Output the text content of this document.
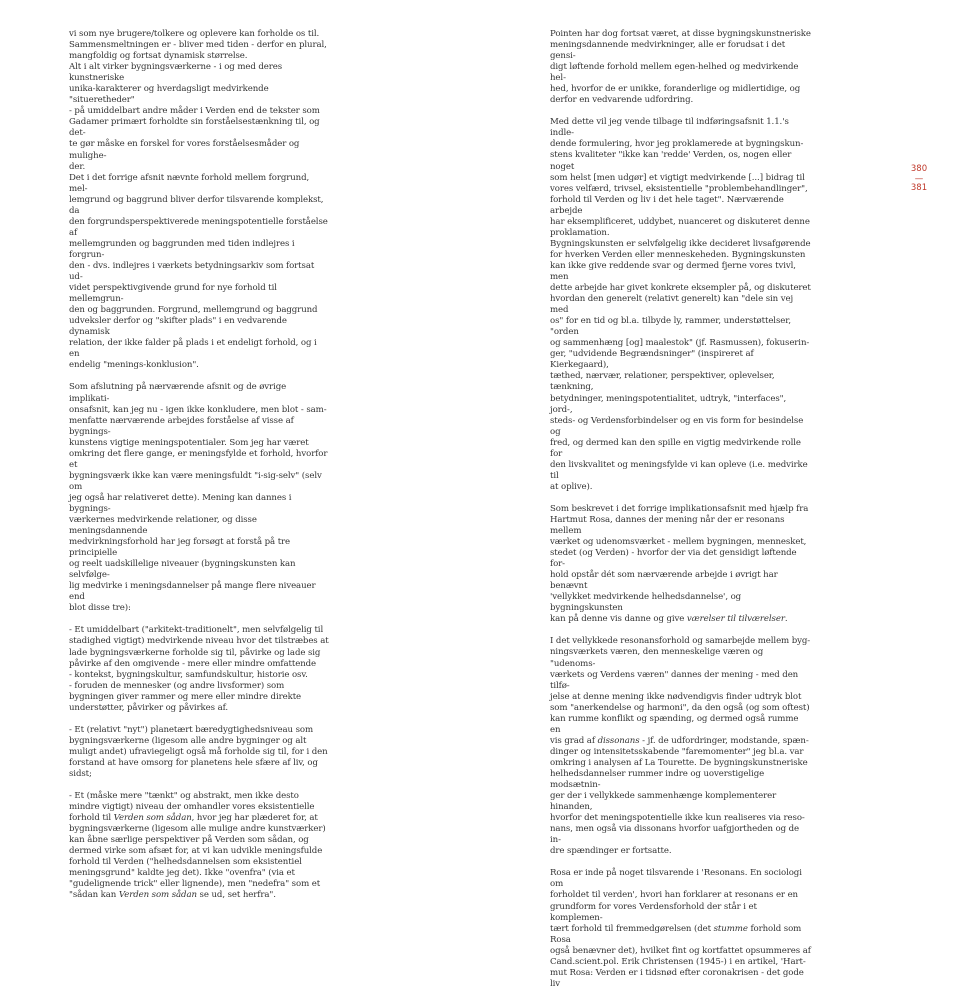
vi som nye brugere/tolkere og oplevere kan forholde os til.

Sammensmeltningen er - bliver med tiden - derfor en plural,

mangfoldig og fortsat dynamisk størrelse.

Alt i alt virker bygningsværkerne - i og med deres kunstneriske

unika-karakterer og hverdagsligt medvirkende "situeretheder"

- på umiddelbart andre måder i Verden end de tekster som

Gadamer primært forholdte sin forståelsestænkning til, og det-

te gør måske en forskel for vores forståelsesmåder og mulighe-

der.

Det i det forrige afsnit nævnte forhold mellem forgrund, mel-

lemgrund og baggrund bliver derfor tilsvarende komplekst, da

den forgrundsperspektiverede meningspotentielle forståelse af

mellemgrunden og baggrunden med tiden indlejres i forgrun-

den - dvs. indlejres i værkets betydningsarkiv som fortsat ud-

videt perspektivgivende grund for nye forhold til mellemgrun-

den og baggrunden. Forgrund, mellemgrund og baggrund

udveksler derfor og "skifter plads" i en vedvarende dynamisk

relation, der ikke falder på plads i et endeligt forhold, og i en

endelig "menings-konklusion".

Som afslutning på nærværende afsnit og de øvrige implikati-

onsafsnit, kan jeg nu - igen ikke konkludere, men blot - sam-

menfatte nærværende arbejdes forståelse af visse af bygnings-

kunstens vigtige meningspotentialer. Som jeg har været

omkring det flere gange, er meningsfylde et forhold, hvorfor et

bygningsværk ikke kan være meningsfuldt "i-sig-selv" (selv om

jeg også har relativeret dette). Mening kan dannes i bygnings-

værkernes medvirkende relationer, og disse meningsdannende

medvirkningsforhold har jeg forsøgt at forstå på tre principielle

og reelt uadskillelige niveauer (bygningskunsten kan selvfølge-

lig medvirke i meningsdannelser på mange flere niveauer end

blot disse tre):

- Et umiddelbart ("arkitekt-traditionelt", men selvfølgelig til

stadighed vigtigt) medvirkende niveau hvor det tilstræbes at

lade bygningsværkerne forholde sig til, påvirke og lade sig

påvirke af den omgivende - mere eller mindre omfattende

- kontekst, bygningskultur, samfundskultur, historie osv.

- foruden de mennesker (og andre livsformer) som

bygningen giver rammer og mere eller mindre direkte

understøtter, påvirker og påvirkes af.

- Et (relativt "nyt") planetært bæredygtighedsniveau som

bygningsværkerne (ligesom alle andre bygninger og alt

muligt andet) ufraviegeligt også må forholde sig til, for i den

forstand at have omsorg for planetens hele sfære af liv, og

sidst;

- Et (måske mere "tænkt" og abstrakt, men ikke desto

mindre vigtigt) niveau der omhandler vores eksistentielle

forhold til Verden som sådan, hvor jeg har plæderet for, at

bygningsværkerne (ligesom alle mulige andre kunstværker)

kan åbne særlige perspektiver på Verden som sådan, og

dermed virke som afsæt for, at vi kan udvikle meningsfulde

forhold til Verden ("helhedsdannelsen som eksistentiel

meningsgrund" kaldte jeg det). Ikke "ovenfra" (via et

"gudelignende trick" eller lignende), men "nedefra" som et

"sådan kan Verden som sådan se ud, set herfra".

Pointen har dog fortsat været, at disse bygningskunstneriske

meningsdannende medvirkninger, alle er forudsat i det gensi-

digt løftende forhold mellem egen-helhed og medvirkende hel-

hed, hvorfor de er unikke, foranderlige og midlertidige, og

derfor en vedvarende udfordring.

Med dette vil jeg vende tilbage til indføringsafsnit 1.1.'s indle-

dende formulering, hvor jeg proklamerede at bygningskun-

stens kvaliteter "ikke kan 'redde' Verden, os, nogen eller noget

som helst [men udgør] et vigtigt medvirkende [...] bidrag til

vores velfærd, trivsel, eksistentielle "problembehandlinger",

forhold til Verden og liv i det hele taget". Nærværende arbejde

har eksemplificeret, uddybet, nuanceret og diskuteret denne

proklamation.

Bygningskunsten er selvfølgelig ikke decideret livsafgørende

for hverken Verden eller menneskeheden. Bygningskunsten

kan ikke give reddende svar og dermed fjerne vores tvivl, men

dette arbejde har givet konkrete eksempler på, og diskuteret

hvordan den generelt (relativt generelt) kan "dele sin vej med

os" for en tid og bl.a. tilbyde ly, rammer, understøttelser, "orden

og sammenhæng [og] maalestok" (jf. Rasmussen), fokuserin-

ger, "udvidende Begrændsninger" (inspireret af Kierkegaard),

tæthed, nærvær, relationer, perspektiver, oplevelser, tænkning,

betydninger, meningspotentialitet, udtryk, "interfaces", jord-,

steds- og Verdensforbindelser og en vis form for besindelse og

fred, og dermed kan den spille en vigtig medvirkende rolle for

den livskvalitet og meningsfylde vi kan opleve (i.e. medvirke til

at oplive).

Som beskrevet i det forrige implikationsafsnit med hjælp fra

Hartmut Rosa, dannes der mening når der er resonans mellem

værket og udenomsværket - mellem bygningen, mennesket,

stedet (og Verden) - hvorfor der via det gensidigt løftende for-

hold opstår dét som nærværende arbejde i øvrigt har benævnt

'vellykket medvirkende helhedsdannelse', og bygningskunsten

kan på denne vis danne og give værelser til tilværelser.

I det vellykkede resonansforhold og samarbejde mellem byg-

ningsværkets væren, den menneskelige væren og "udenoms-

værkets og Verdens væren" dannes der mening - med den tilfø-

jelse at denne mening ikke nødvendigvis finder udtryk blot

som "anerkendelse og harmoni", da den også (og som oftest)

kan rumme konflikt og spænding, og dermed også rumme en

vis grad af dissonans - jf. de udfordringer, modstande, spæn-

dinger og intensitetsskabende "faremomenter" jeg bl.a. var

omkring i analysen af La Tourette. De bygningskunstneriske

helhedsdannelser rummer indre og uoverstigelige modsætnin-

ger der i vellykkede sammenhænge komplementerer hinanden,

hvorfor det meningspotentielle ikke kun realiseres via reso-

nans, men også via dissonans hvorfor uafgjortheden og de in-

dre spændinger er fortsatte.

Rosa er inde på noget tilsvarende i 'Resonans. En sociologi om

forholdet til verden', hvori han forklarer at resonans er en

grundform for vores Verdensforhold der står i et komplemen-

tært forhold til fremmedgørelsen (det stumme forhold som Rosa

også benævner det), hvilket fint og kortfattet opsummeres af

Cand.scient.pol. Erik Christensen (1945-) i en artikel, 'Hart-

mut Rosa: Verden er i tidsnød efter coronakrisen - det gode liv

380
—
381
